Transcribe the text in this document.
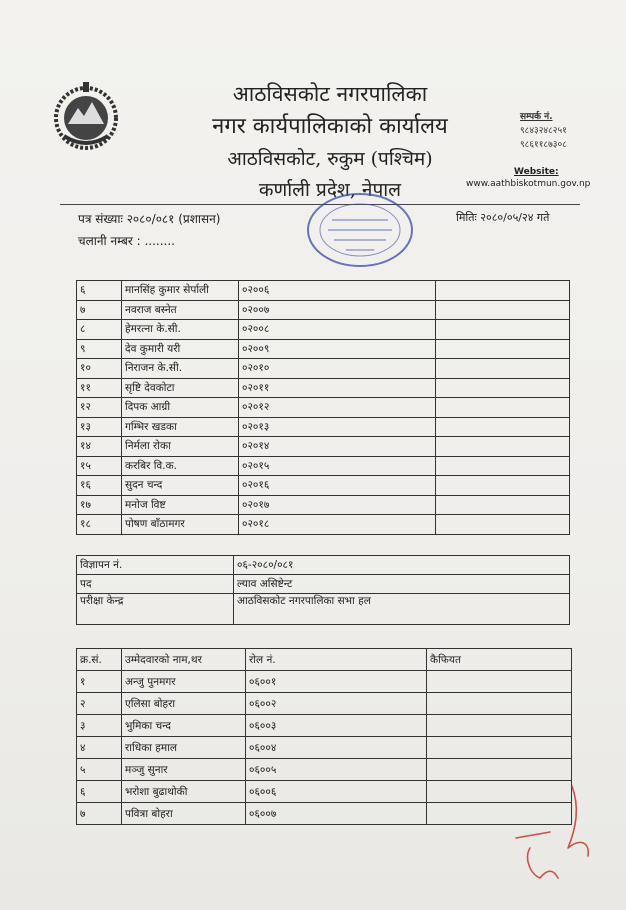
आठविसकोट नगरपालिका
नगर कार्यपालिकाको कार्यालय
आठविसकोट, रुकुम (पश्चिम)
कर्णाली प्रदेश, नेपाल
सम्पर्क नं.
९८४३२४८२५१
९८६११८७३०८
Website:
www.aathbiskotmun.gov.np
पत्र संख्याः २०८०/०८१ (प्रशासन)
चलानी नम्बर : ........
मितिः २०८०/०५/२४ गते
६	मानसिंह कुमार सेर्पाली	०२००६	
७	नवराज बस्नेत	०२००७	
८	हेमरत्ना के.सी.	०२००८	
९	देव कुमारी यरी	०२००९	
१०	निराजन के.सी.	०२०१०	
११	सृष्टि देवकोटा	०२०११	
१२	दिपक आग्री	०२०१२	
१३	गम्भिर खडका	०२०१३	
१४	निर्मला रोका	०२०१४	
१५	करबिर वि.क.	०२०१५	
१६	सुदन चन्द	०२०१६	
१७	मनोज विष्ट	०२०१७	
१८	पोषण बाँठामगर	०२०१८	
विज्ञापन नं.	०६-२०८०/०८१
पद	ल्याव असिष्टेन्ट
परीक्षा केन्द्र	आठविसकोट नगरपालिका सभा हल
क्र.सं.	उम्मेदवारको नाम,थर	रोल नं.	कैफियत
१	अन्जु पुनमगर	०६००१	
२	एलिसा बोहरा	०६००२	
३	भुमिका चन्द	०६००३	
४	राधिका हमाल	०६००४	
५	मञ्जु सुनार	०६००५	
६	भरोशा बुढाथोकी	०६००६	
७	पवित्रा बोहरा	०६००७	
